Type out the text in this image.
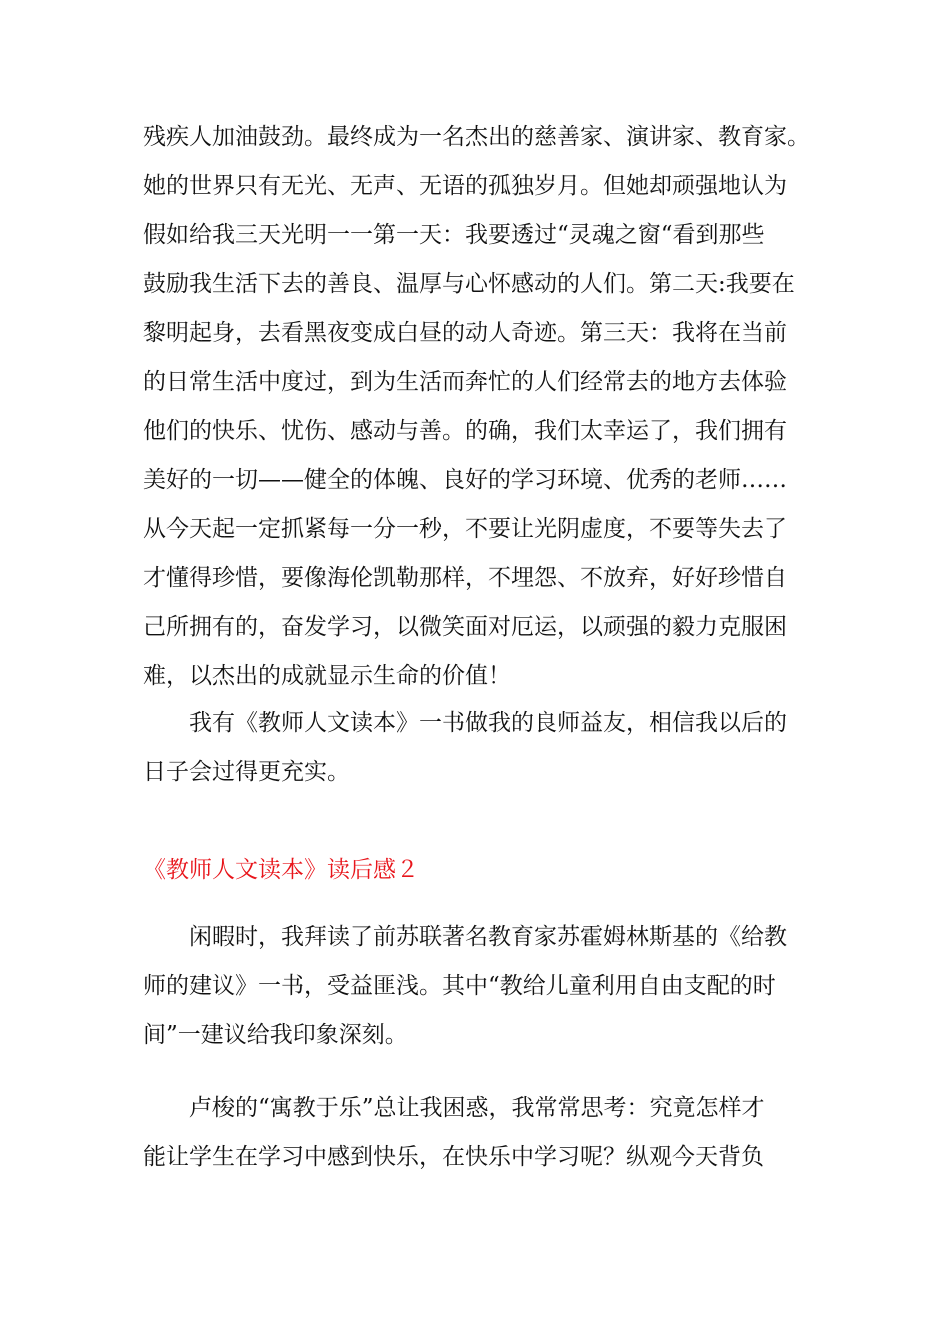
残疾人加油鼓劲。最终成为一名杰出的慈善家、演讲家、教育家。
她的世界只有无光、无声、无语的孤独岁月。但她却顽强地认为
假如给我三天光明一一第一天：我要透过“灵魂之窗“看到那些
鼓励我生活下去的善良、温厚与心怀感动的人们。第二天:我要在
黎明起身，去看黑夜变成白昼的动人奇迹。第三天：我将在当前
的日常生活中度过，到为生活而奔忙的人们经常去的地方去体验
他们的快乐、忧伤、感动与善。的确，我们太幸运了，我们拥有
美好的一切——健全的体魄、良好的学习环境、优秀的老师……
从今天起一定抓紧每一分一秒，不要让光阴虚度，不要等失去了
才懂得珍惜，要像海伦凯勒那样，不埋怨、不放弃，好好珍惜自
己所拥有的，奋发学习，以微笑面对厄运，以顽强的毅力克服困
难，以杰出的成就显示生命的价值！
　　我有《教师人文读本》一书做我的良师益友，相信我以后的
日子会过得更充实。
《教师人文读本》读后感２
　　闲暇时，我拜读了前苏联著名教育家苏霍姆林斯基的《给教
师的建议》一书，受益匪浅。其中“教给儿童利用自由支配的时
间”一建议给我印象深刻。
　　卢梭的“寓教于乐”总让我困惑，我常常思考：究竟怎样才
能让学生在学习中感到快乐，在快乐中学习呢？纵观今天背负
